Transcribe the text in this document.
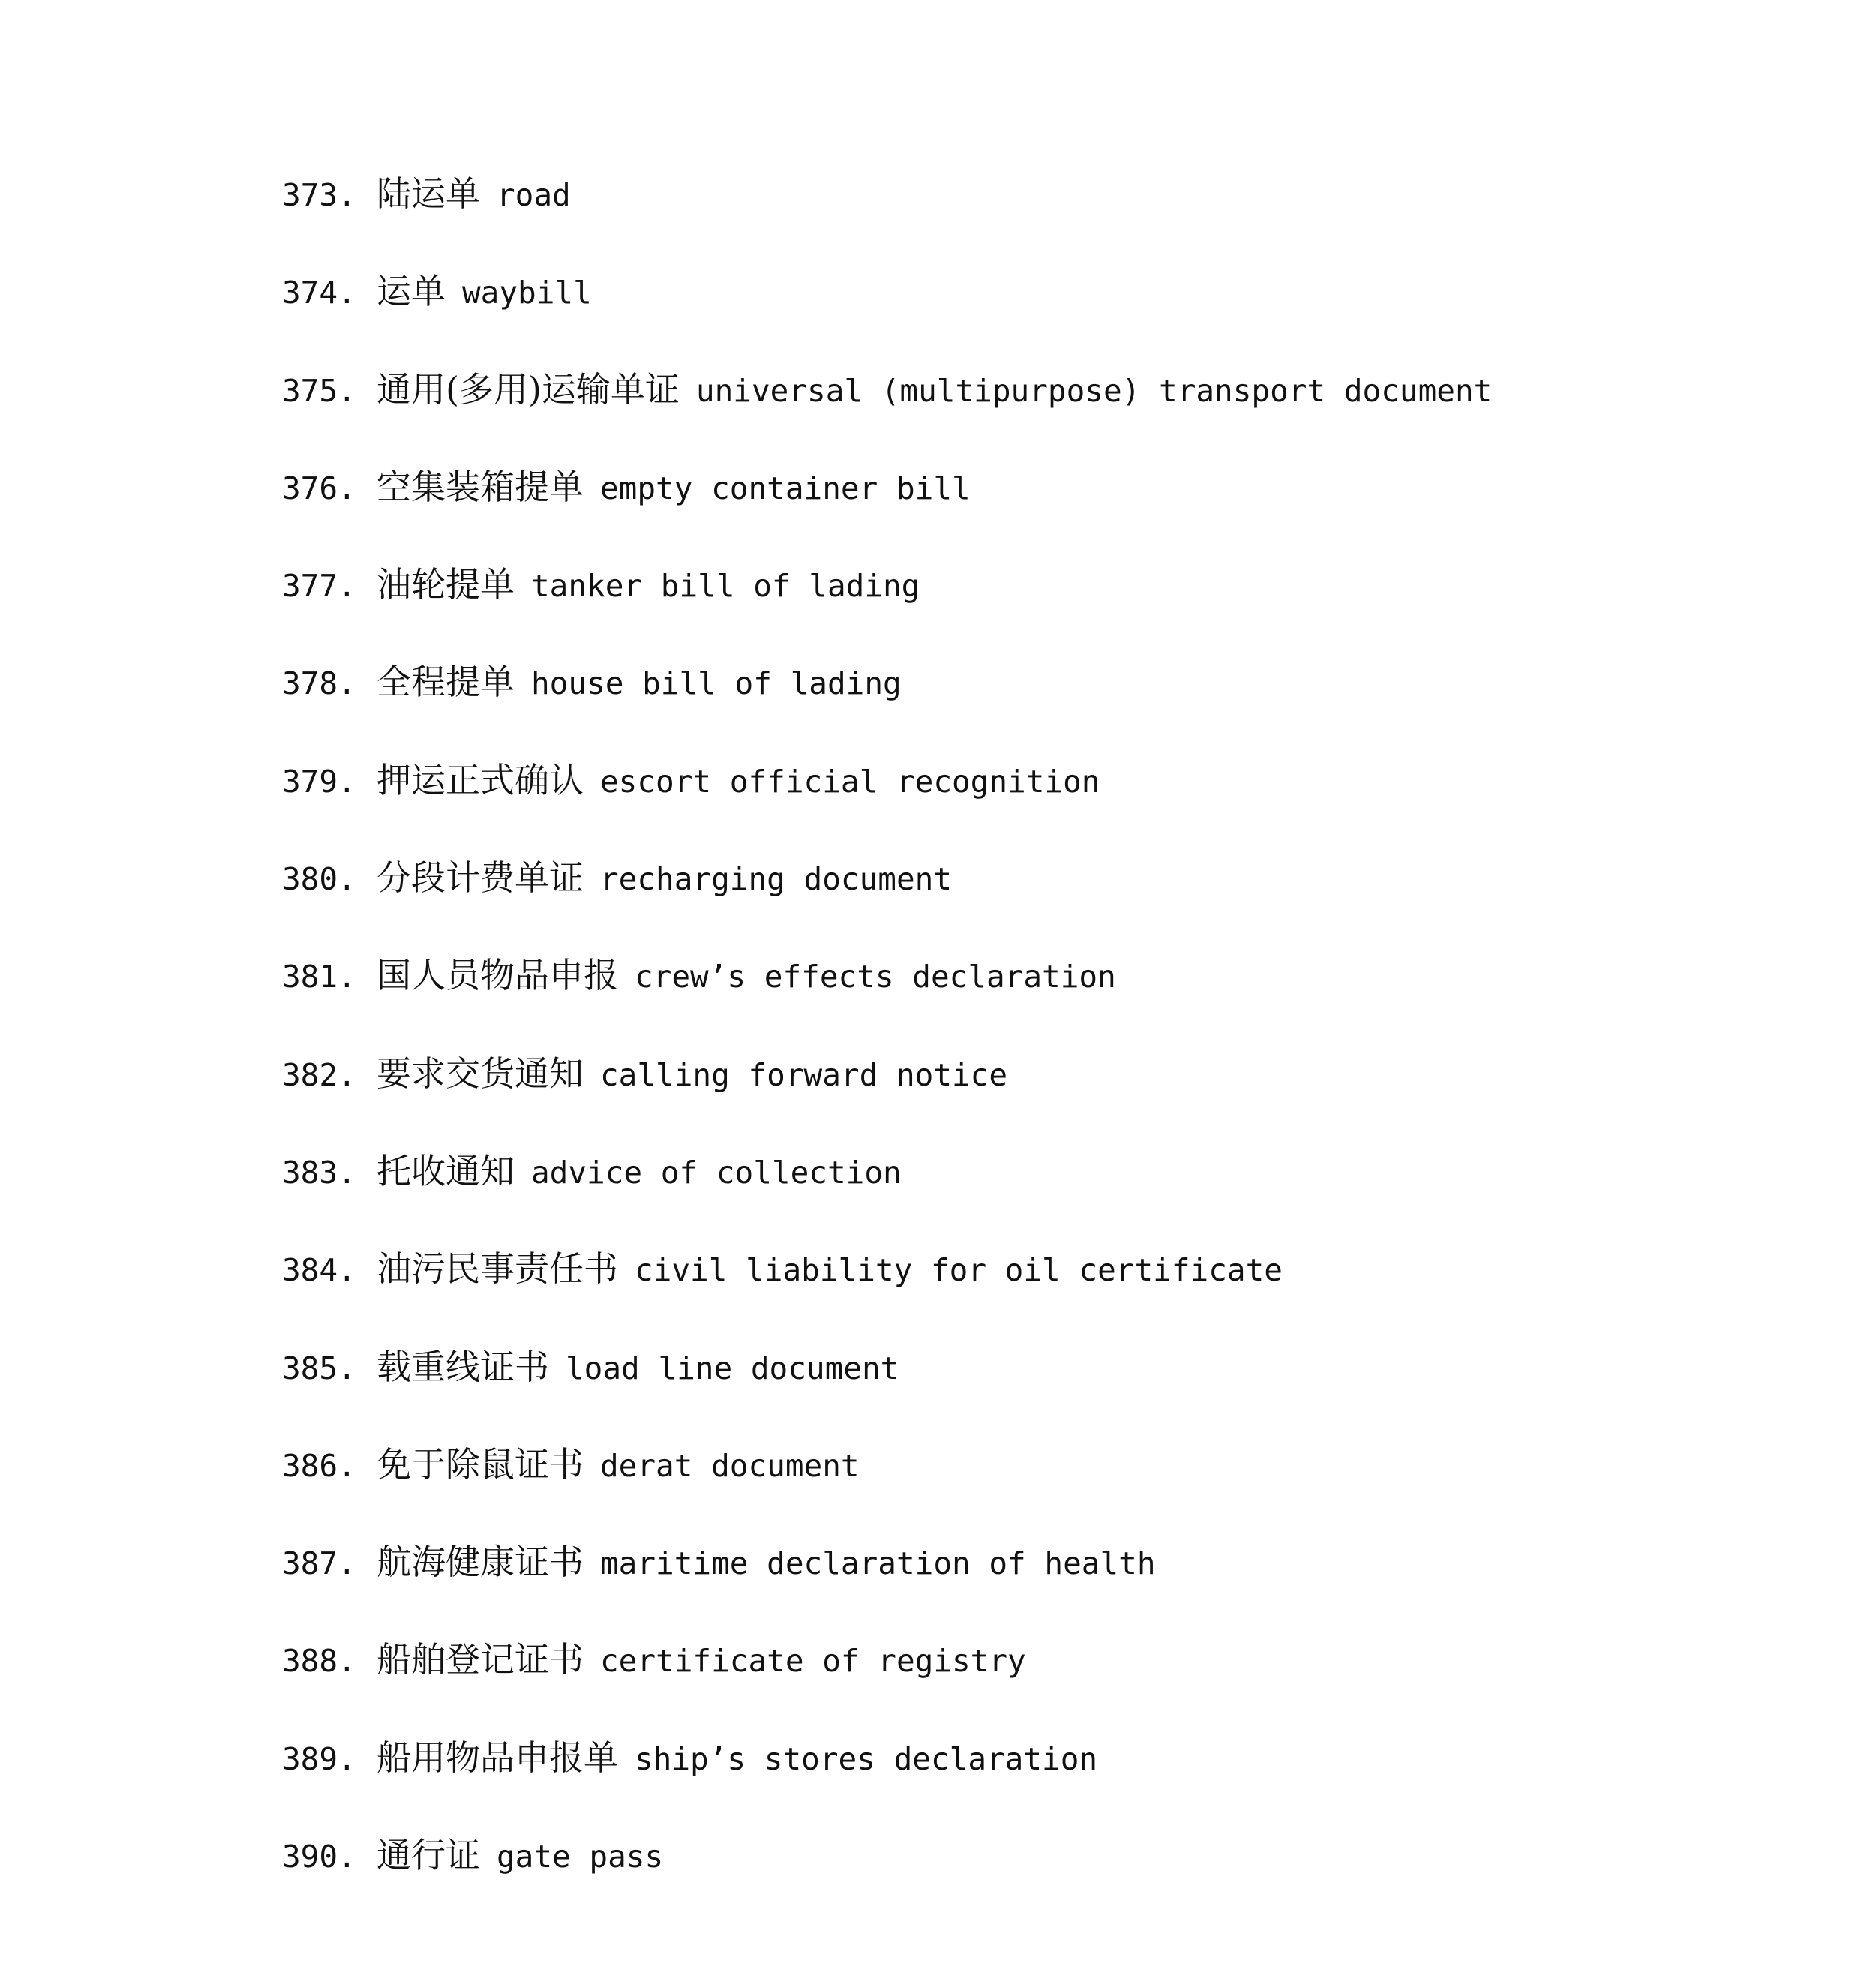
373. 陆运单 road
374. 运单 waybill
375. 通用(多用)运输单证 universal (multipurpose) transport document
376. 空集装箱提单 empty container bill
377. 油轮提单 tanker bill of lading
378. 全程提单 house bill of lading
379. 押运正式确认 escort official recognition
380. 分段计费单证 recharging document
381. 国人员物品申报 crew’s effects declaration
382. 要求交货通知 calling forward notice
383. 托收通知 advice of collection
384. 油污民事责任书 civil liability for oil certificate
385. 载重线证书 load line document
386. 免于除鼠证书 derat document
387. 航海健康证书 maritime declaration of health
388. 船舶登记证书 certificate of registry
389. 船用物品申报单 ship’s stores declaration
390. 通行证 gate pass
